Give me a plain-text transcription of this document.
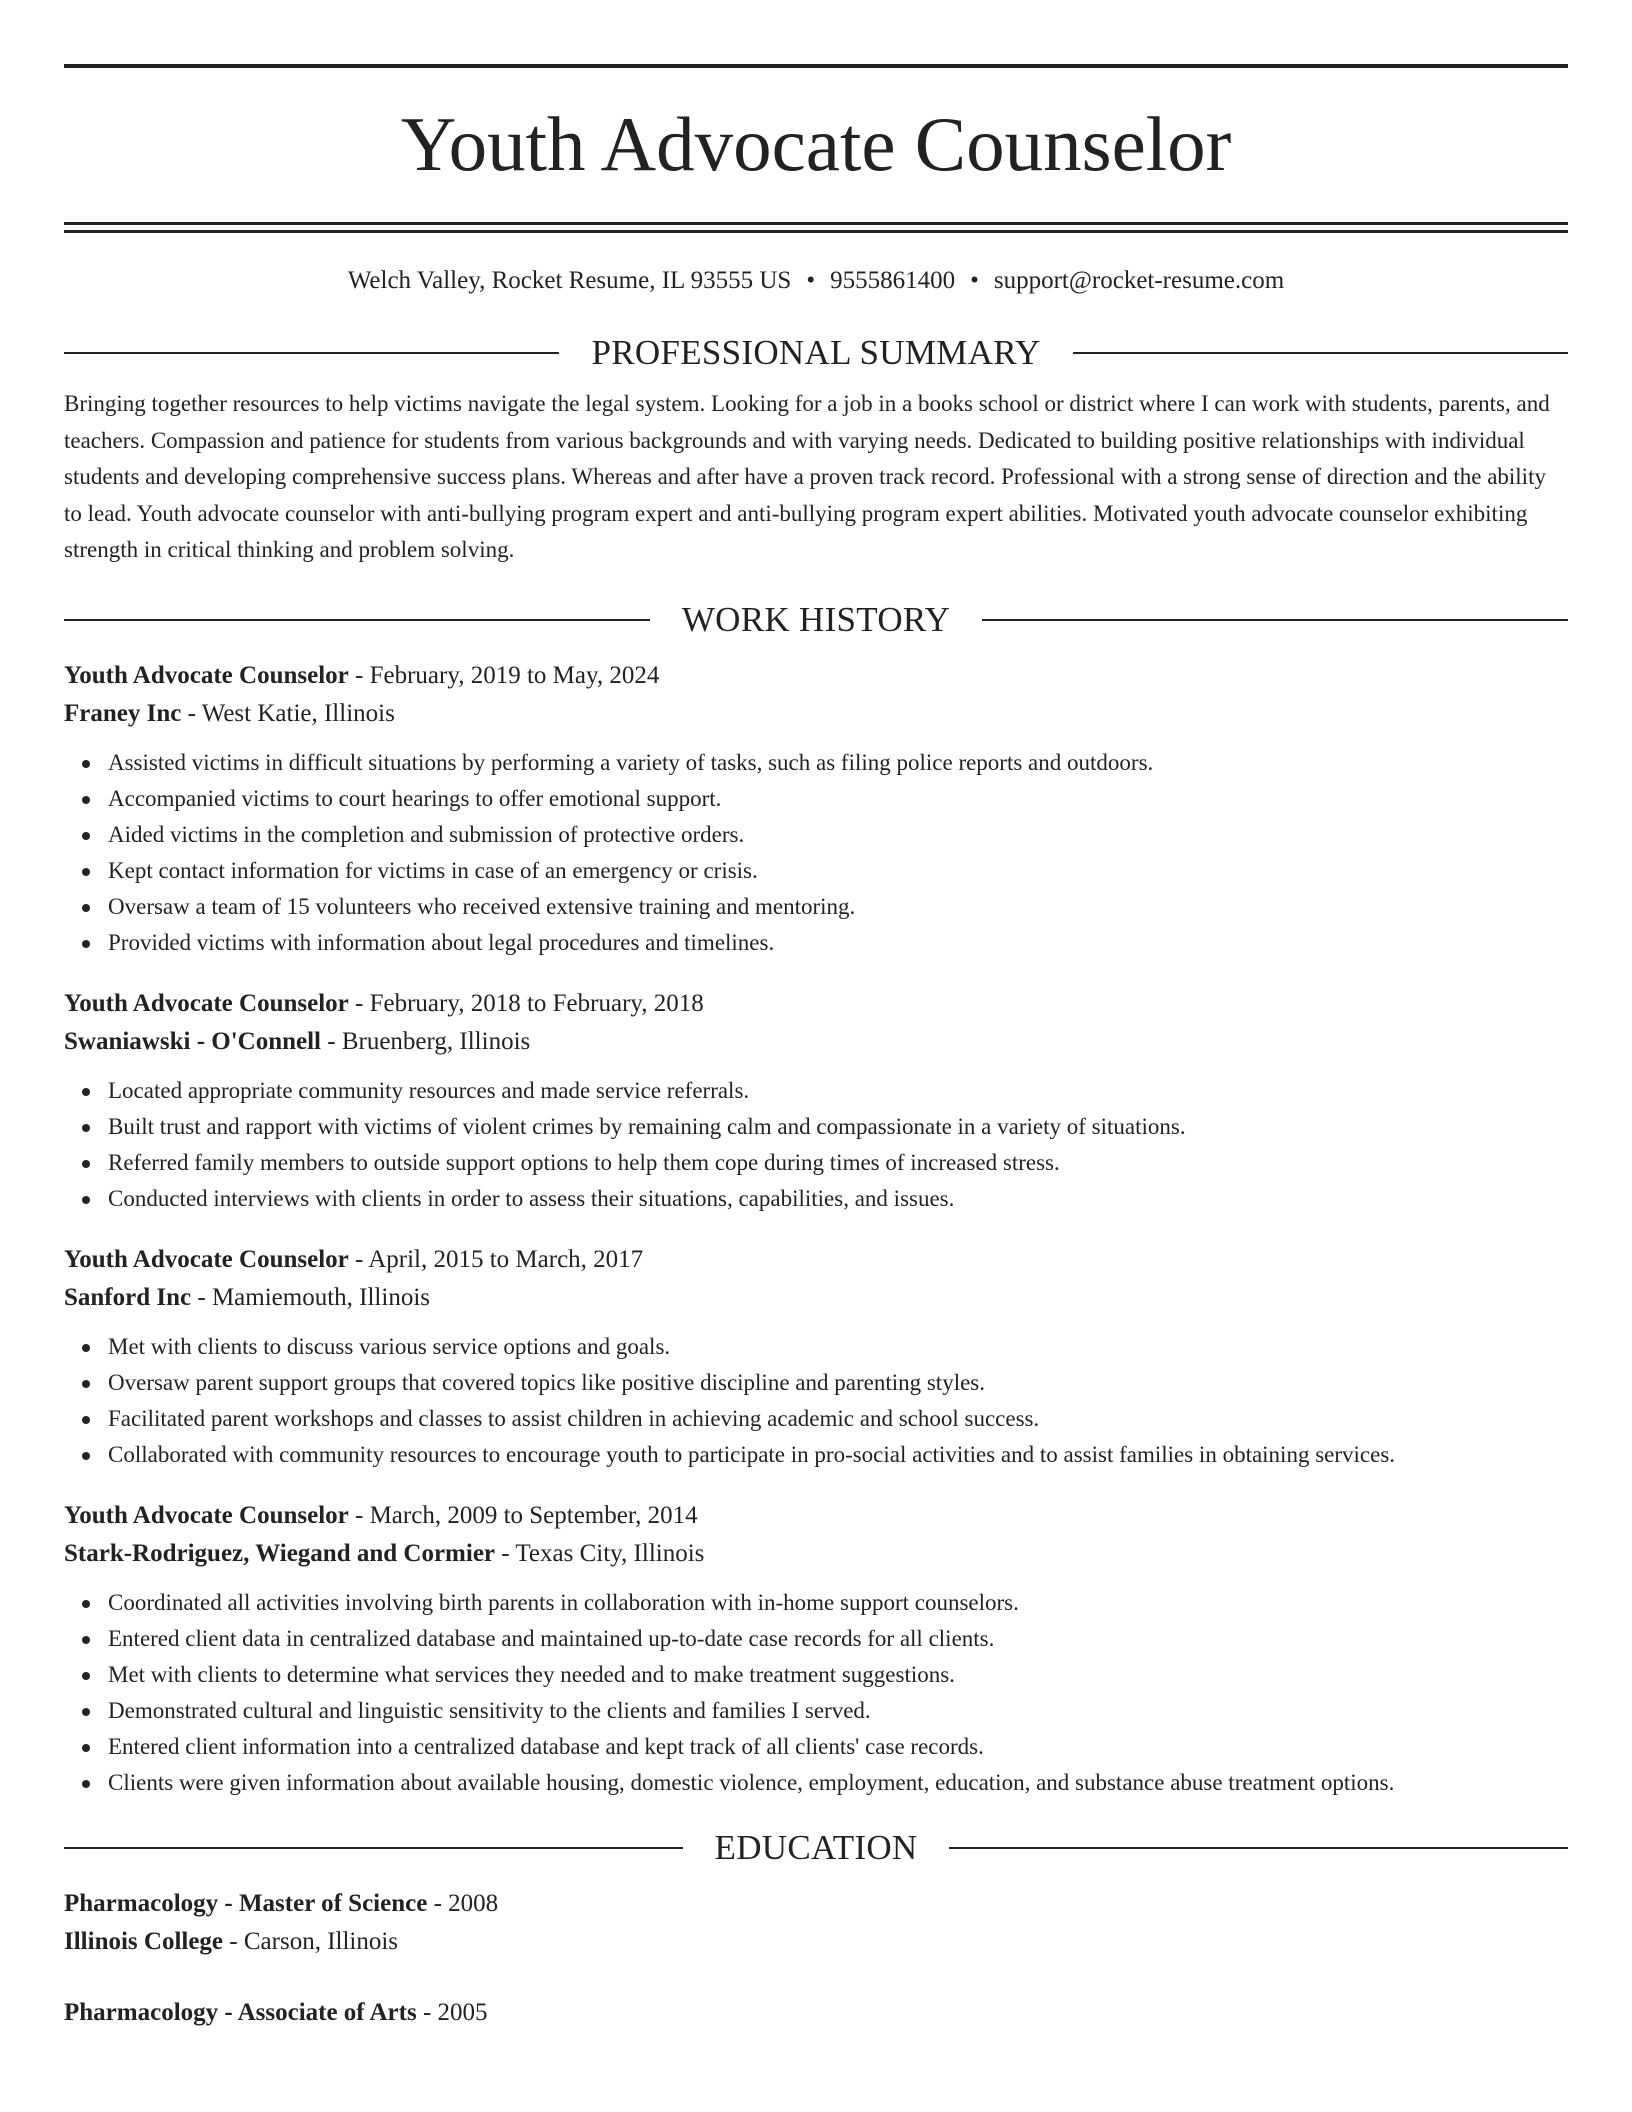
Youth Advocate Counselor
Welch Valley, Rocket Resume, IL 93555 US • 9555861400 • support@rocket-resume.com
PROFESSIONAL SUMMARY
Bringing together resources to help victims navigate the legal system. Looking for a job in a books school or district where I can work with students, parents, and teachers. Compassion and patience for students from various backgrounds and with varying needs. Dedicated to building positive relationships with individual students and developing comprehensive success plans. Whereas and after have a proven track record. Professional with a strong sense of direction and the ability to lead. Youth advocate counselor with anti-bullying program expert and anti-bullying program expert abilities. Motivated youth advocate counselor exhibiting strength in critical thinking and problem solving.
WORK HISTORY
Youth Advocate Counselor - February, 2019 to May, 2024
Franey Inc - West Katie, Illinois
Assisted victims in difficult situations by performing a variety of tasks, such as filing police reports and outdoors.
Accompanied victims to court hearings to offer emotional support.
Aided victims in the completion and submission of protective orders.
Kept contact information for victims in case of an emergency or crisis.
Oversaw a team of 15 volunteers who received extensive training and mentoring.
Provided victims with information about legal procedures and timelines.
Youth Advocate Counselor - February, 2018 to February, 2018
Swaniawski - O'Connell - Bruenberg, Illinois
Located appropriate community resources and made service referrals.
Built trust and rapport with victims of violent crimes by remaining calm and compassionate in a variety of situations.
Referred family members to outside support options to help them cope during times of increased stress.
Conducted interviews with clients in order to assess their situations, capabilities, and issues.
Youth Advocate Counselor - April, 2015 to March, 2017
Sanford Inc - Mamiemouth, Illinois
Met with clients to discuss various service options and goals.
Oversaw parent support groups that covered topics like positive discipline and parenting styles.
Facilitated parent workshops and classes to assist children in achieving academic and school success.
Collaborated with community resources to encourage youth to participate in pro-social activities and to assist families in obtaining services.
Youth Advocate Counselor - March, 2009 to September, 2014
Stark-Rodriguez, Wiegand and Cormier - Texas City, Illinois
Coordinated all activities involving birth parents in collaboration with in-home support counselors.
Entered client data in centralized database and maintained up-to-date case records for all clients.
Met with clients to determine what services they needed and to make treatment suggestions.
Demonstrated cultural and linguistic sensitivity to the clients and families I served.
Entered client information into a centralized database and kept track of all clients' case records.
Clients were given information about available housing, domestic violence, employment, education, and substance abuse treatment options.
EDUCATION
Pharmacology - Master of Science - 2008
Illinois College - Carson, Illinois
Pharmacology - Associate of Arts - 2005
